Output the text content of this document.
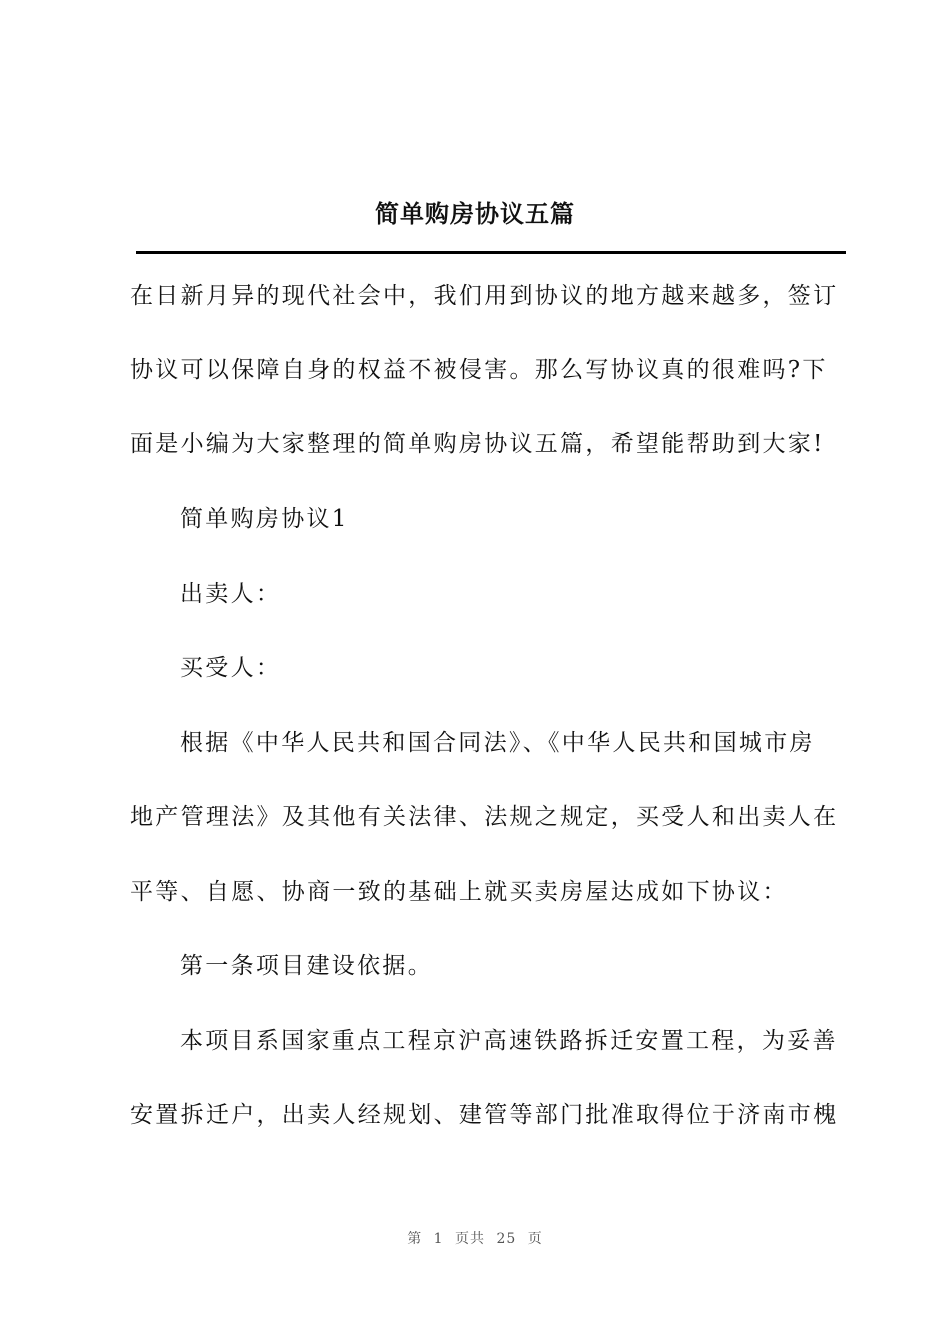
简单购房协议五篇

在日新月异的现代社会中，我们用到协议的地方越来越多，签订

协议可以保障自身的权益不被侵害。那么写协议真的很难吗?下

面是小编为大家整理的简单购房协议五篇，希望能帮助到大家!

简单购房协议1

出卖人：

买受人：

根据《中华人民共和国合同法》、《中华人民共和国城市房

地产管理法》及其他有关法律、法规之规定，买受人和出卖人在

平等、自愿、协商一致的基础上就买卖房屋达成如下协议：

第一条项目建设依据。

本项目系国家重点工程京沪高速铁路拆迁安置工程，为妥善

安置拆迁户，出卖人经规划、建管等部门批准取得位于济南市槐

第 1 页共 25 页
